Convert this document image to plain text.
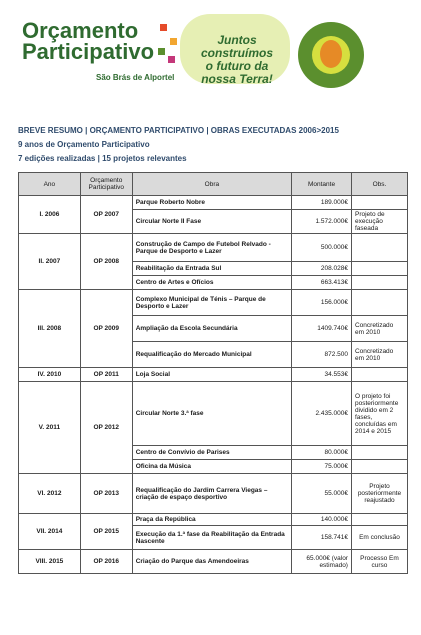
Orçamento
Participativo
São Brás de Alportel
Juntos
construímos
o futuro da
nossa Terra!
BREVE RESUMO | ORÇAMENTO PARTICIPATIVO | OBRAS EXECUTADAS 2006>2015
9 anos de Orçamento Participativo
7 edições realizadas | 15 projetos relevantes
Ano	Orçamento Participativo	Obra	Montante	Obs.
I. 2006	OP 2007	Parque Roberto Nobre	189.000€	
		Circular Norte II Fase	1.572.000€	Projeto de execução faseada
II. 2007	OP 2008	Construção de Campo de Futebol Relvado - Parque de Desporto e Lazer	500.000€	
		Reabilitação da Entrada Sul	208.028€	
		Centro de Artes e Ofícios	663.413€	
III. 2008	OP 2009	Complexo Municipal de Ténis – Parque de Desporto e Lazer	156.000€	
		Ampliação da Escola Secundária	1409.740€	Concretizado em 2010
		Requalificação do Mercado Municipal	872.500	Concretizado em 2010
IV. 2010	OP 2011	Loja Social	34.553€	
V. 2011	OP 2012	Circular Norte 3.ª fase	2.435.000€	O projeto foi posteriormente dividido em 2 fases, concluídas em 2014 e 2015
		Centro de Convívio de Parises	80.000€	
		Oficina da Música	75.000€	
VI. 2012	OP 2013	Requalificação do Jardim Carrera Viegas – criação de espaço desportivo	55.000€	Projeto posteriormente reajustado
VII. 2014	OP 2015	Praça da República	140.000€	
		Execução da 1.ª fase da Reabilitação da Entrada Nascente	158.741€	Em conclusão
VIII. 2015	OP 2016	Criação do Parque das Amendoeiras	65.000€ (valor estimado)	Processo Em curso
